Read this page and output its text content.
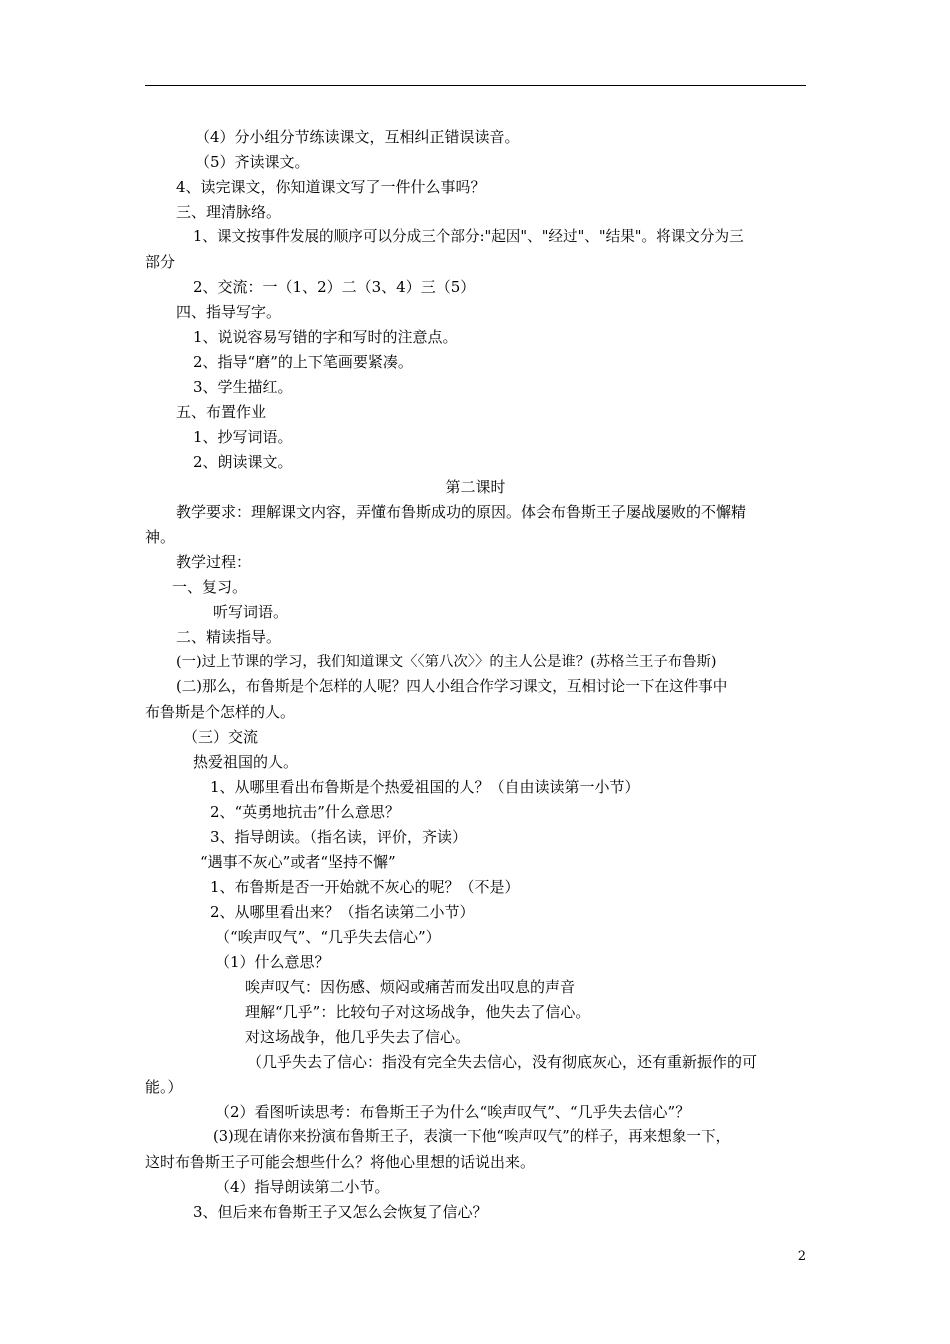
（4）分小组分节练读课文，互相纠正错误读音。
（5）齐读课文。
4、读完课文，你知道课文写了一件什么事吗？
三、理清脉络。
1、课文按事件发展的顺序可以分成三个部分:"起因"、"经过"、"结果"。将课文分为三
部分
2、交流：一（1、2）二（3、4）三（5）
四、指导写字。
1、说说容易写错的字和写时的注意点。
2、指导“磨”的上下笔画要紧凑。
3、学生描红。
五、布置作业
1、抄写词语。
2、朗读课文。
第二课时
教学要求：理解课文内容，弄懂布鲁斯成功的原因。体会布鲁斯王子屡战屡败的不懈精
神。
教学过程：
一、复习。
听写词语。
二、精读指导。
(一)过上节课的学习，我们知道课文〈〈第八次〉〉的主人公是谁？(苏格兰王子布鲁斯)
(二)那么，布鲁斯是个怎样的人呢？四人小组合作学习课文，互相讨论一下在这件事中
布鲁斯是个怎样的人。
（三）交流
热爱祖国的人。
1、从哪里看出布鲁斯是个热爱祖国的人？（自由读读第一小节）
2、“英勇地抗击”什么意思？
3、指导朗读。（指名读，评价，齐读）
“遇事不灰心”或者“坚持不懈”
1、布鲁斯是否一开始就不灰心的呢？（不是）
2、从哪里看出来？（指名读第二小节）
（“唉声叹气”、“几乎失去信心”）
（1）什么意思？
唉声叹气：因伤感、烦闷或痛苦而发出叹息的声音
理解“几乎”：比较句子对这场战争，他失去了信心。
对这场战争，他几乎失去了信心。
（几乎失去了信心：指没有完全失去信心，没有彻底灰心，还有重新振作的可
能。）
（2）看图听读思考：布鲁斯王子为什么“唉声叹气”、“几乎失去信心”？
(3)现在请你来扮演布鲁斯王子，表演一下他“唉声叹气”的样子，再来想象一下，
这时布鲁斯王子可能会想些什么？将他心里想的话说出来。
（4）指导朗读第二小节。
3、但后来布鲁斯王子又怎么会恢复了信心？
2
